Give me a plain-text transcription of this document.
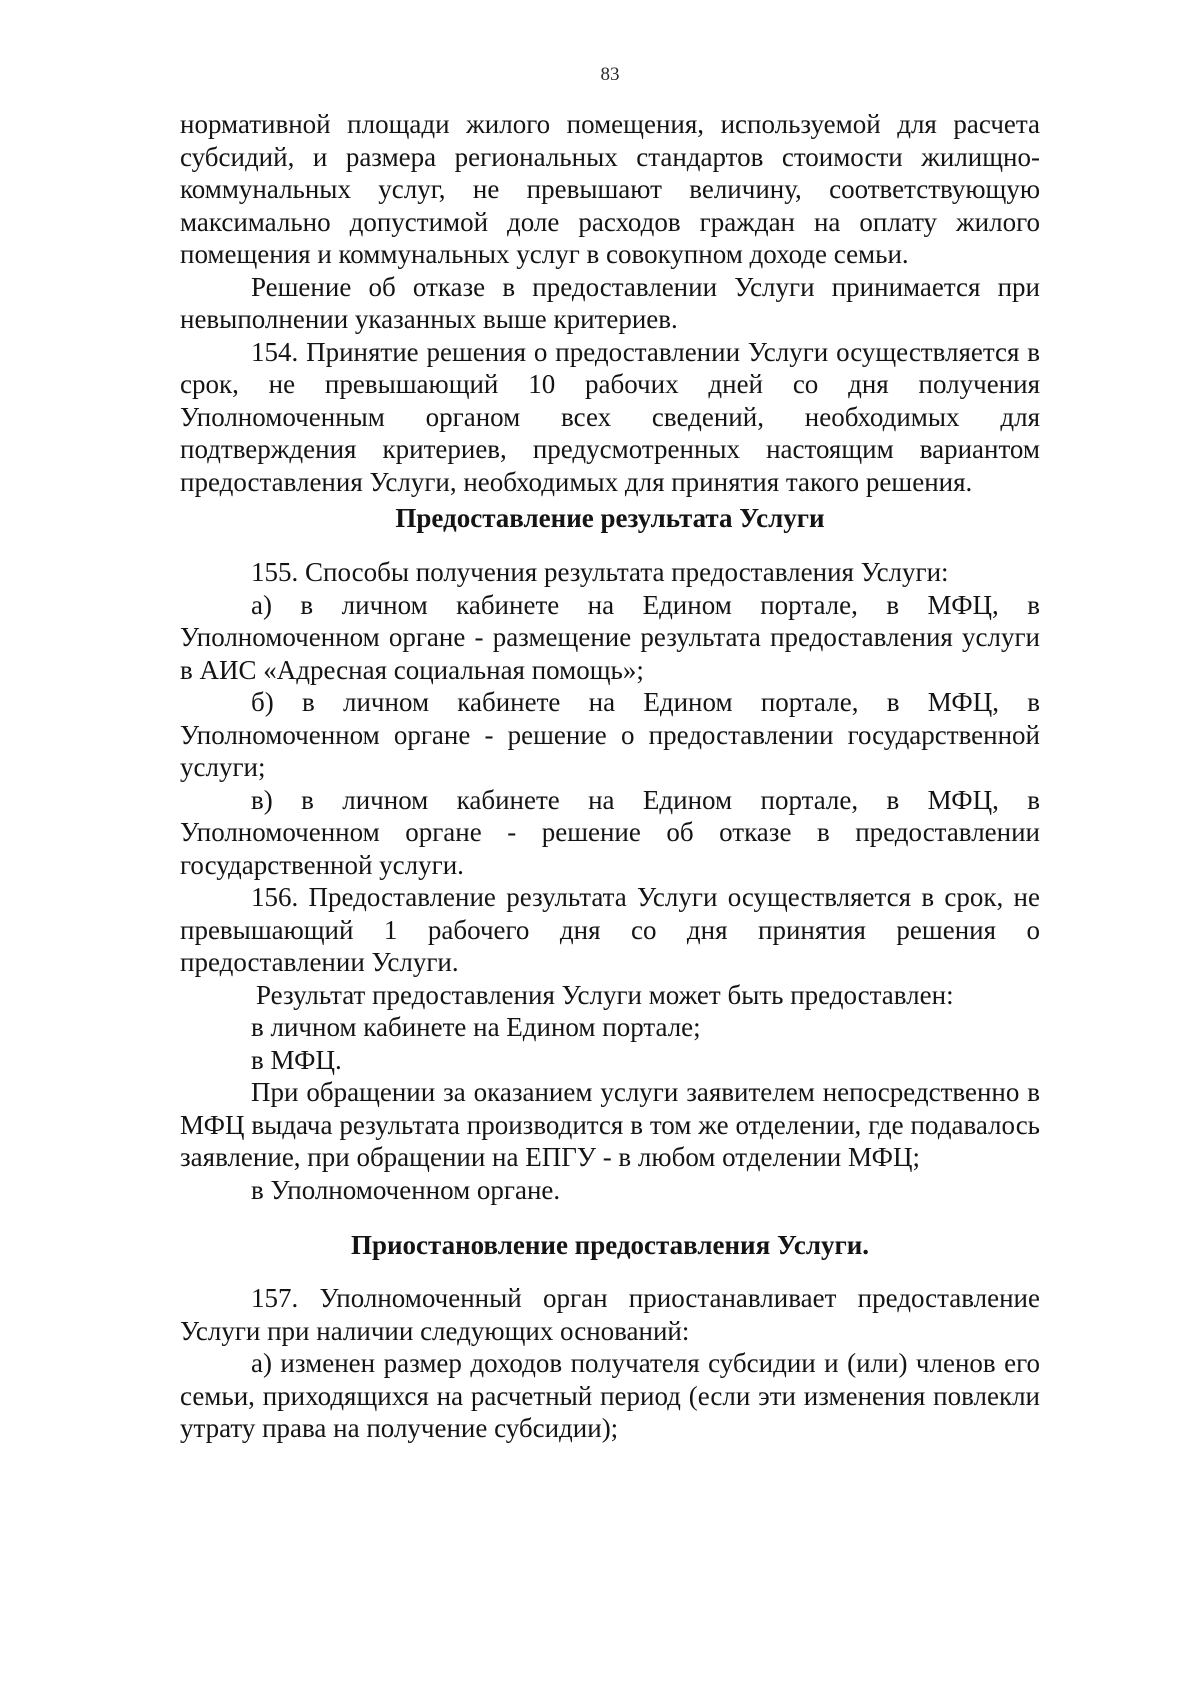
83

нормативной площади жилого помещения, используемой для расчета субсидий, и размера региональных стандартов стоимости жилищно-коммунальных услуг, не превышают величину, соответствующую максимально допустимой доле расходов граждан на оплату жилого помещения и коммунальных услуг в совокупном доходе семьи.

Решение об отказе в предоставлении Услуги принимается при невыполнении указанных выше критериев.

154. Принятие решения о предоставлении Услуги осуществляется в срок, не превышающий 10 рабочих дней со дня получения Уполномоченным органом всех сведений, необходимых для подтверждения критериев, предусмотренных настоящим вариантом предоставления Услуги, необходимых для принятия такого решения.

Предоставление результата Услуги

155. Способы получения результата предоставления Услуги:

а) в личном кабинете на Едином портале, в МФЦ, в Уполномоченном органе - размещение результата предоставления услуги в АИС «Адресная социальная помощь»;

б) в личном кабинете на Едином портале, в МФЦ, в Уполномоченном органе - решение о предоставлении государственной услуги;

в) в личном кабинете на Едином портале, в МФЦ, в Уполномоченном органе - решение об отказе в предоставлении государственной услуги.

156. Предоставление результата Услуги осуществляется в срок, не превышающий 1 рабочего дня со дня принятия решения о предоставлении Услуги.

Результат предоставления Услуги может быть предоставлен:

в личном кабинете на Едином портале;

в МФЦ.

При обращении за оказанием услуги заявителем непосредственно в МФЦ выдача результата производится в том же отделении, где подавалось заявление, при обращении на ЕПГУ - в любом отделении МФЦ;

в Уполномоченном органе.

Приостановление предоставления Услуги.

157. Уполномоченный орган приостанавливает предоставление Услуги при наличии следующих оснований:

а) изменен размер доходов получателя субсидии и (или) членов его семьи, приходящихся на расчетный период (если эти изменения повлекли утрату права на получение субсидии);
